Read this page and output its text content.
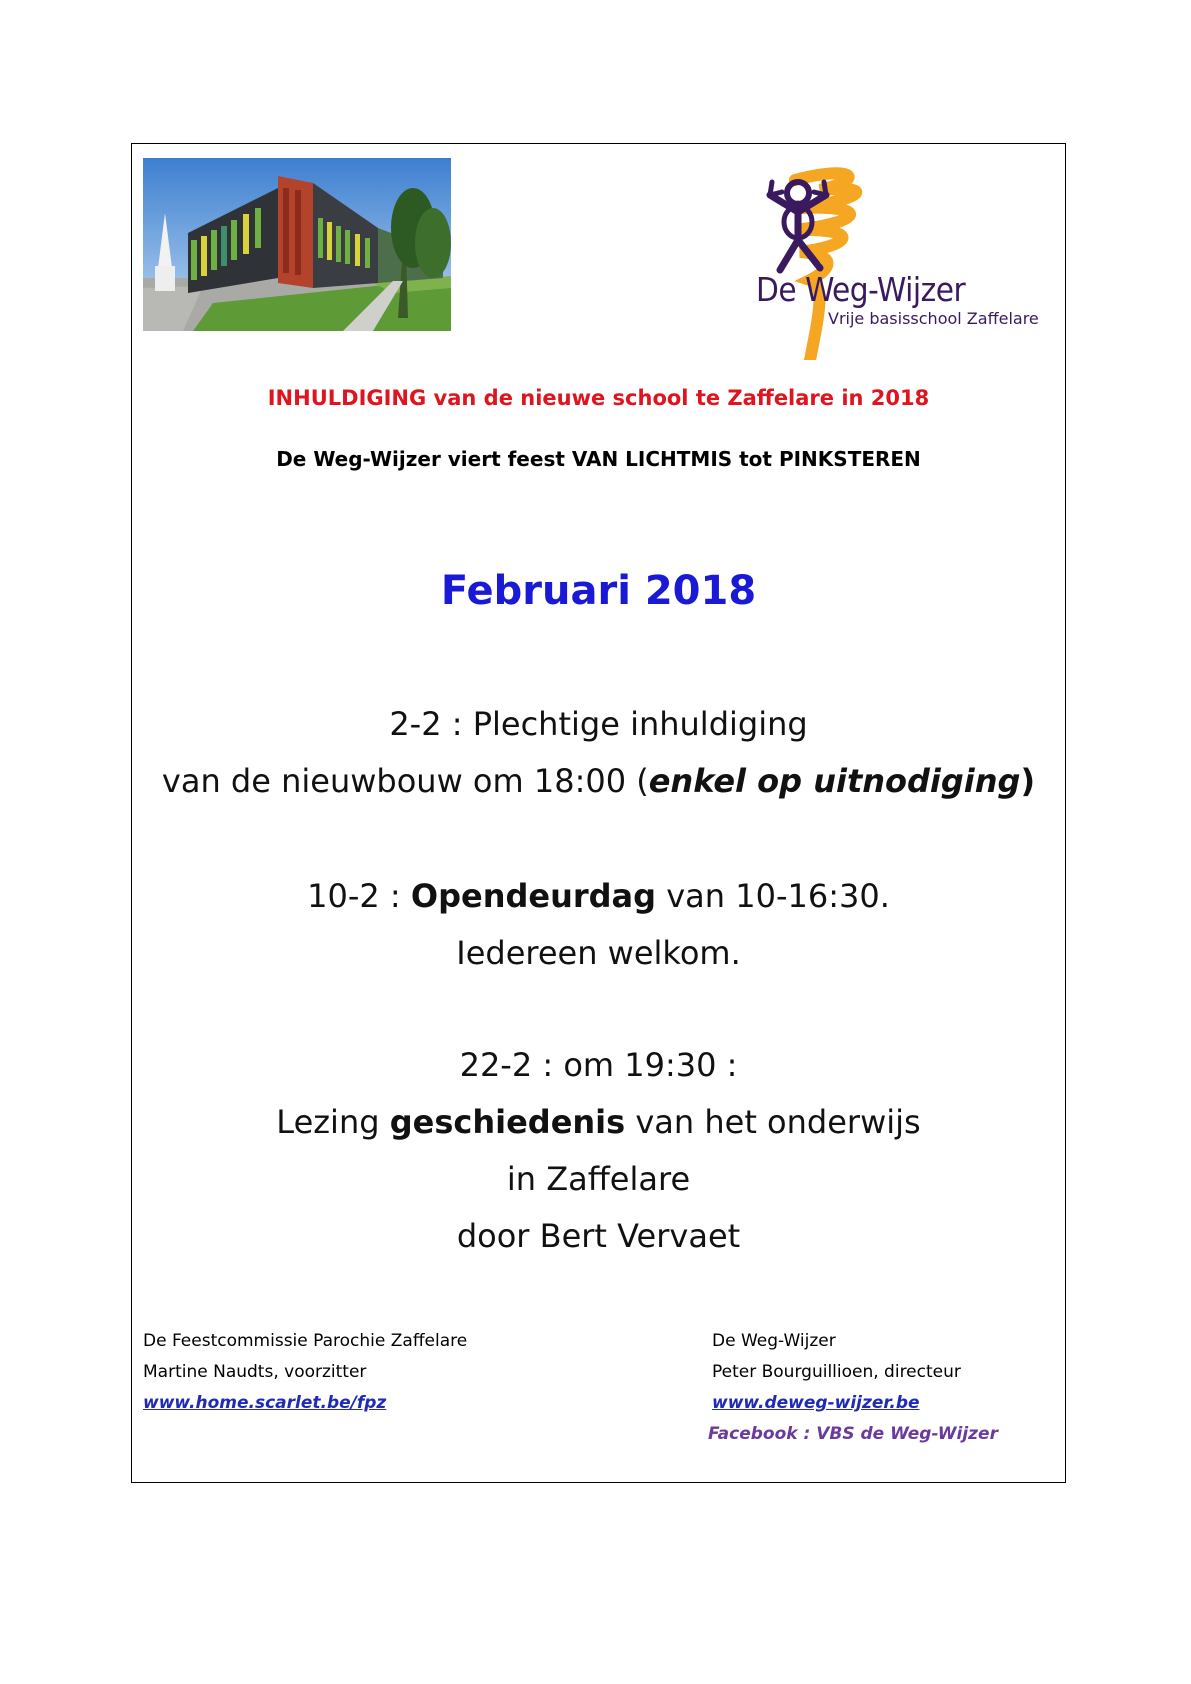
De Weg-Wijzer
Vrije basisschool Zaffelare
INHULDIGING van de nieuwe school te Zaffelare in 2018
De Weg-Wijzer viert feest VAN LICHTMIS tot PINKSTEREN
Februari 2018
2-2 : Plechtige inhuldiging
van de nieuwbouw om 18:00 (enkel op uitnodiging)
10-2 : Opendeurdag van 10-16:30.
Iedereen welkom.
22-2 : om 19:30 :
Lezing geschiedenis van het onderwijs
in Zaffelare
door Bert Vervaet
De Feestcommissie Parochie Zaffelare
Martine Naudts, voorzitter
www.home.scarlet.be/fpz
De Weg-Wijzer
Peter Bourguillioen, directeur
www.deweg-wijzer.be
Facebook : VBS de Weg-Wijzer
